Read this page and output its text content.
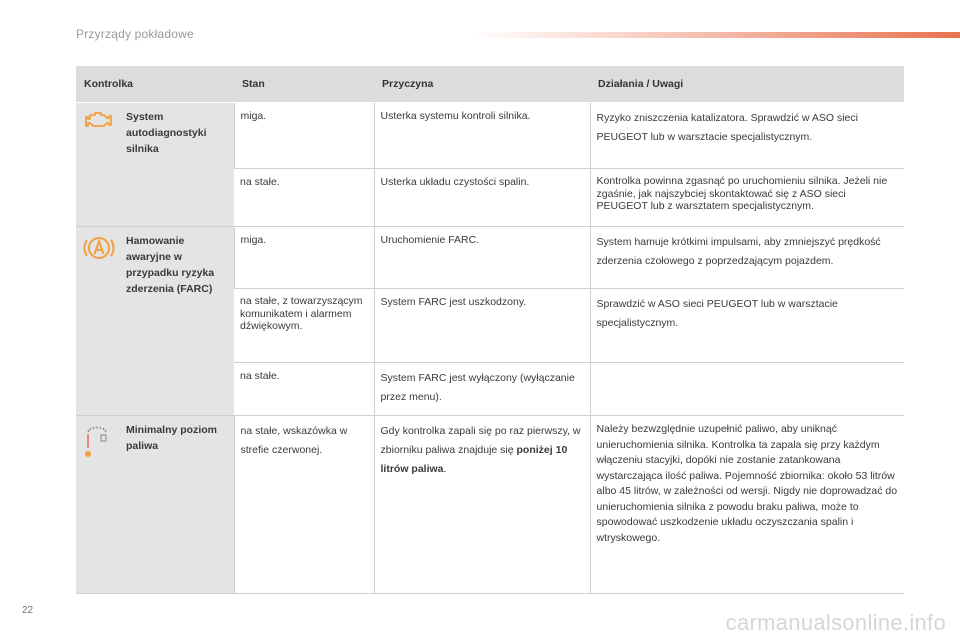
Przyrządy pokładowe
Kontrolka		Stan	Przyczyna	Działania / Uwagi
	System autodiagnostyki silnika	miga.	Usterka systemu kontroli silnika.	Ryzyko zniszczenia katalizatora. Sprawdzić w ASO sieci PEUGEOT lub w warsztacie specjalistycznym.
		na stałe.	Usterka układu czystości spalin.	Kontrolka powinna zgasnąć po uruchomieniu silnika. Jeżeli nie zgaśnie, jak najszybciej skontaktować się z ASO sieci PEUGEOT lub z warsztatem specjalistycznym.
	Hamowanie awaryjne w przypadku ryzyka zderzenia (FARC)	miga.	Uruchomienie FARC.	System hamuje krótkimi impulsami, aby zmniejszyć prędkość zderzenia czołowego z poprzedzającym pojazdem.
		na stałe, z towarzyszącym komunikatem i alarmem dźwiękowym.	System FARC jest uszkodzony.	Sprawdzić w ASO sieci PEUGEOT lub w warsztacie specjalistycznym.
		na stałe.	System FARC jest wyłączony (wyłączanie przez menu).	
	Minimalny poziom paliwa	na stałe, wskazówka w strefie czerwonej.	Gdy kontrolka zapali się po raz pierwszy, w zbiorniku paliwa znajduje się poniżej 10 litrów paliwa.	Należy bezwzględnie uzupełnić paliwo, aby uniknąć unieruchomienia silnika. Kontrolka ta zapala się przy każdym włączeniu stacyjki, dopóki nie zostanie zatankowana wystarczająca ilość paliwa. Pojemność zbiornika: około 53 litrów albo 45 litrów, w zależności od wersji. Nigdy nie doprowadzać do unieruchomienia silnika z powodu braku paliwa, może to spowodować uszkodzenie układu oczyszczania spalin i wtryskowego.
22	carmanualsonline.info
